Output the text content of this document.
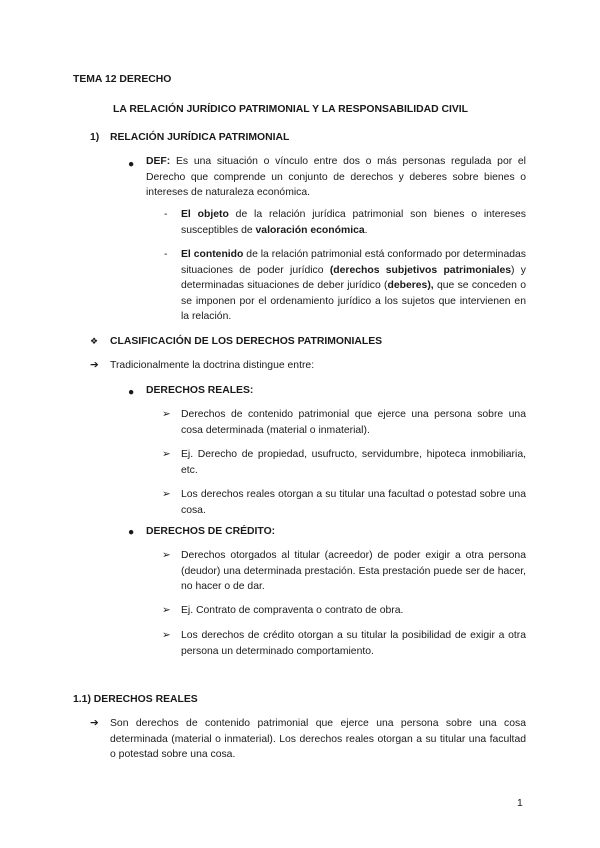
TEMA 12 DERECHO
LA RELACIÓN JURÍDICO PATRIMONIAL Y LA RESPONSABILIDAD CIVIL
1) RELACIÓN JURÍDICA PATRIMONIAL
● DEF: Es una situación o vínculo entre dos o más personas regulada por el Derecho que comprende un conjunto de derechos y deberes sobre bienes o intereses de naturaleza económica.
- El objeto de la relación jurídica patrimonial son bienes o intereses susceptibles de valoración económica.
- El contenido de la relación patrimonial está conformado por determinadas situaciones de poder jurídico (derechos subjetivos patrimoniales) y determinadas situaciones de deber jurídico (deberes), que se conceden o se imponen por el ordenamiento jurídico a los sujetos que intervienen en la relación.
❖ CLASIFICACIÓN DE LOS DERECHOS PATRIMONIALES
➔ Tradicionalmente la doctrina distingue entre:
● DERECHOS REALES:
➢ Derechos de contenido patrimonial que ejerce una persona sobre una cosa determinada (material o inmaterial).
➢ Ej. Derecho de propiedad, usufructo, servidumbre, hipoteca inmobiliaria, etc.
➢ Los derechos reales otorgan a su titular una facultad o potestad sobre una cosa.
● DERECHOS DE CRÉDITO:
➢ Derechos otorgados al titular (acreedor) de poder exigir a otra persona (deudor) una determinada prestación. Esta prestación puede ser de hacer, no hacer o de dar.
➢ Ej. Contrato de compraventa o contrato de obra.
➢ Los derechos de crédito otorgan a su titular la posibilidad de exigir a otra persona un determinado comportamiento.
1.1) DERECHOS REALES
➔ Son derechos de contenido patrimonial que ejerce una persona sobre una cosa determinada (material o inmaterial). Los derechos reales otorgan a su titular una facultad o potestad sobre una cosa.
1
